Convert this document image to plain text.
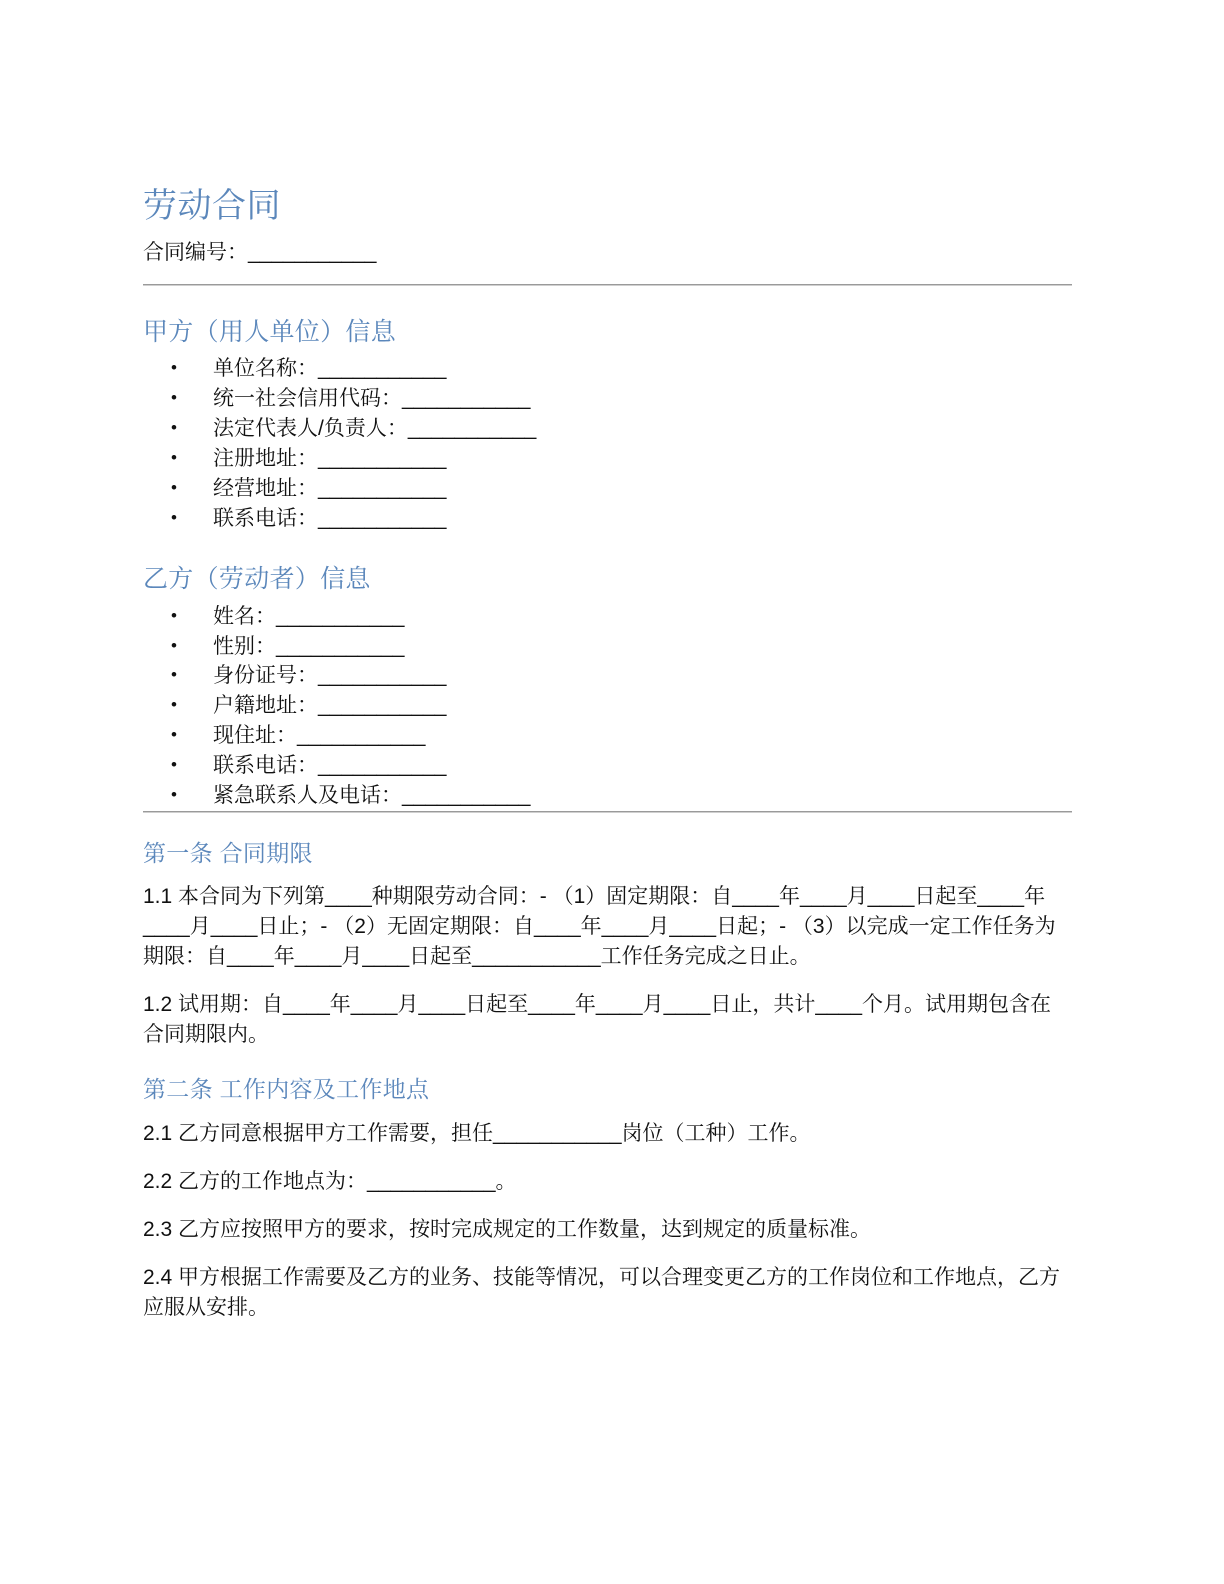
劳动合同

合同编号：___________

甲方（用人单位）信息
• 单位名称：___________
• 统一社会信用代码：___________
• 法定代表人/负责人：___________
• 注册地址：___________
• 经营地址：___________
• 联系电话：___________
乙方（劳动者）信息
• 姓名：___________
• 性别：___________
• 身份证号：___________
• 户籍地址：___________
• 现住址：___________
• 联系电话：___________
• 紧急联系人及电话：___________
第一条 合同期限

1.1 本合同为下列第____种期限劳动合同：- （1）固定期限：自____年____月____日起至____年____月____日止；- （2）无固定期限：自____年____月____日起；- （3）以完成一定工作任务为期限：自____年____月____日起至___________工作任务完成之日止。

1.2 试用期：自____年____月____日起至____年____月____日止，共计____个月。试用期包含在合同期限内。

第二条 工作内容及工作地点

2.1 乙方同意根据甲方工作需要，担任___________岗位（工种）工作。

2.2 乙方的工作地点为：___________。

2.3 乙方应按照甲方的要求，按时完成规定的工作数量，达到规定的质量标准。

2.4 甲方根据工作需要及乙方的业务、技能等情况，可以合理变更乙方的工作岗位和工作地点，乙方应服从安排。
